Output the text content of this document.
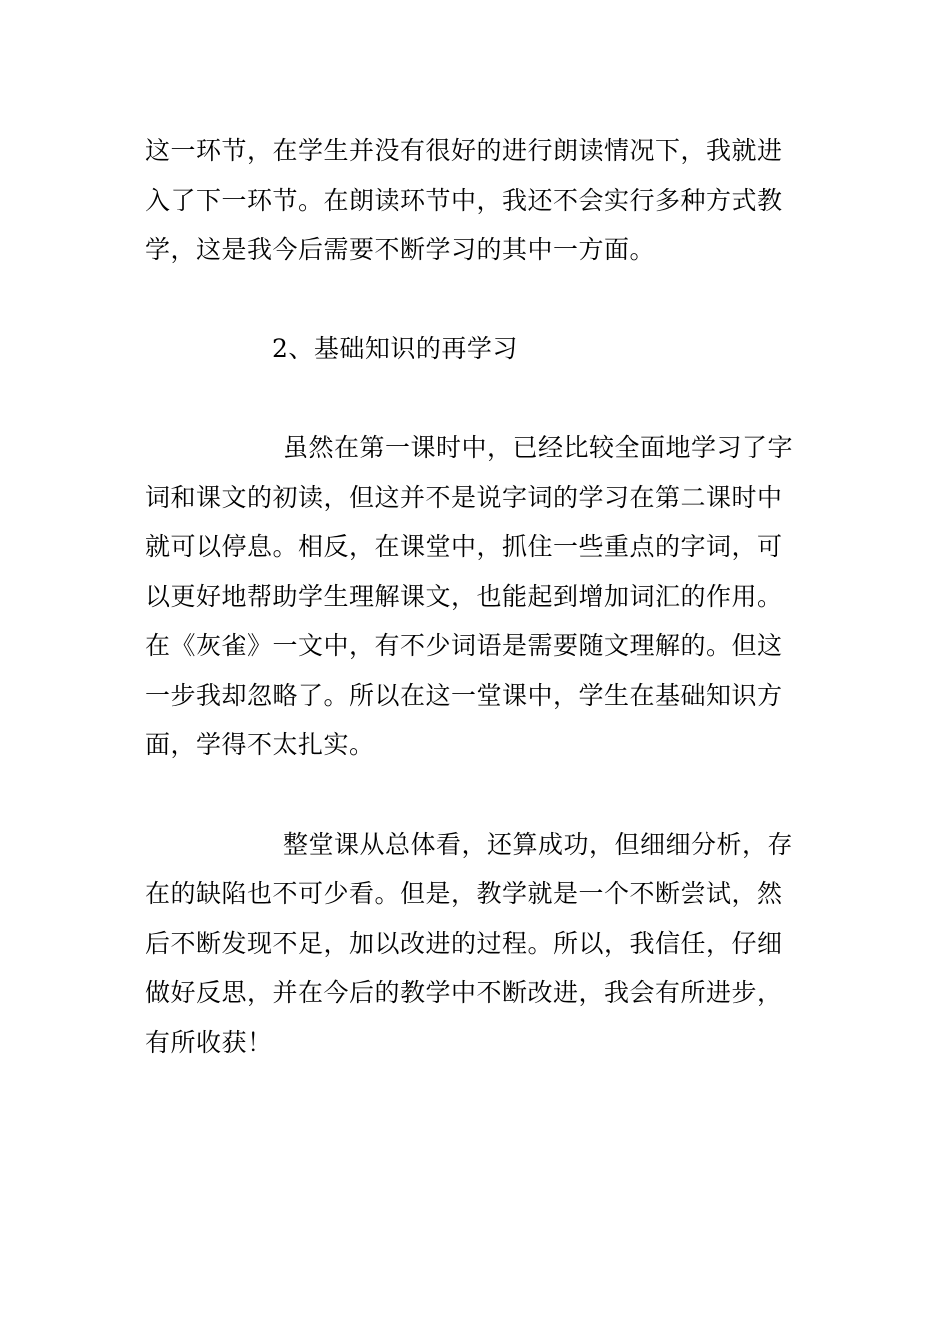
这一环节，在学生并没有很好的进行朗读情况下，我就进
入了下一环节。在朗读环节中，我还不会实行多种方式教
学，这是我今后需要不断学习的其中一方面。
2、基础知识的再学习
虽然在第一课时中，已经比较全面地学习了字
词和课文的初读，但这并不是说字词的学习在第二课时中
就可以停息。相反，在课堂中，抓住一些重点的字词，可
以更好地帮助学生理解课文，也能起到增加词汇的作用。
在《灰雀》一文中，有不少词语是需要随文理解的。但这
一步我却忽略了。所以在这一堂课中，学生在基础知识方
面，学得不太扎实。
整堂课从总体看，还算成功，但细细分析，存
在的缺陷也不可少看。但是，教学就是一个不断尝试，然
后不断发现不足，加以改进的过程。所以，我信任，仔细
做好反思，并在今后的教学中不断改进，我会有所进步，
有所收获！
